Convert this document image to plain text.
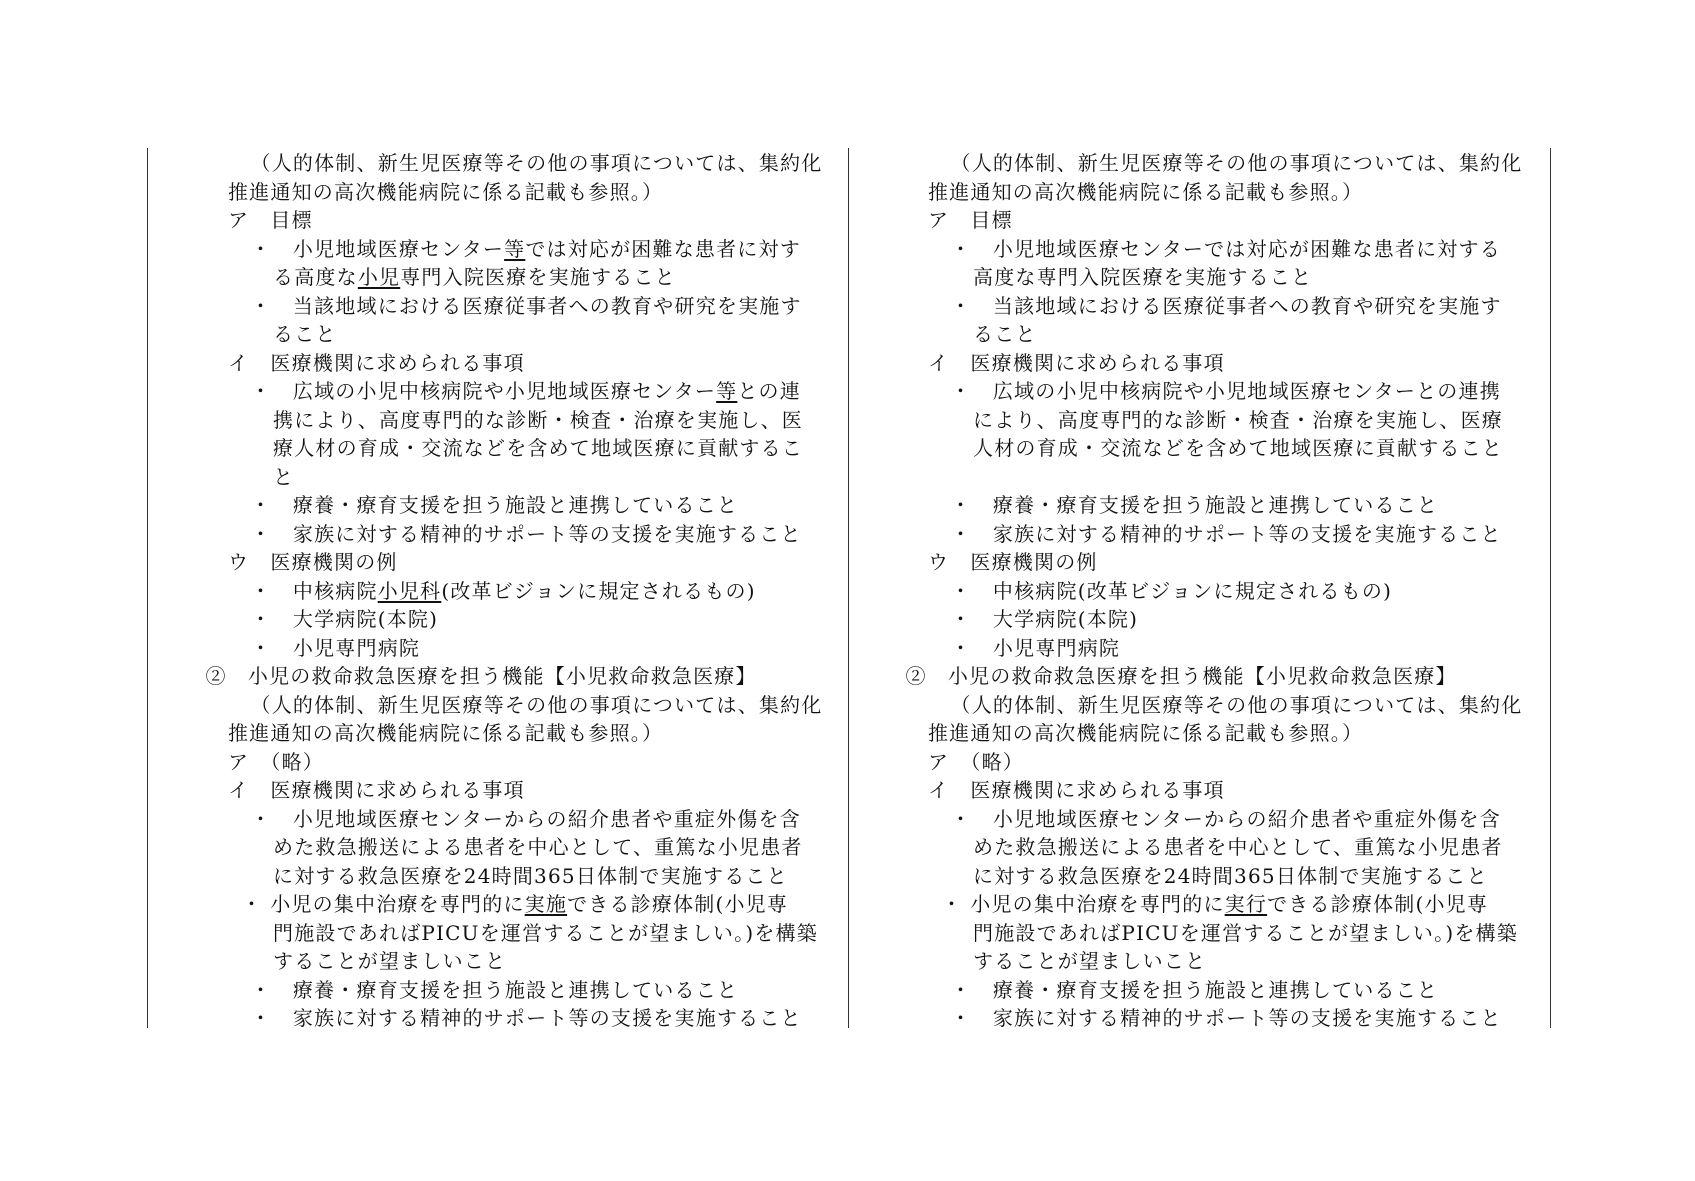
（人的体制、新生児医療等その他の事項については、集約化
推進通知の高次機能病院に係る記載も参照。）
ア　目標
・　小児地域医療センター等では対応が困難な患者に対す
る高度な小児専門入院医療を実施すること
・　当該地域における医療従事者への教育や研究を実施す
ること
イ　医療機関に求められる事項
・　広域の小児中核病院や小児地域医療センター等との連
携により、高度専門的な診断・検査・治療を実施し、医
療人材の育成・交流などを含めて地域医療に貢献するこ
と
・　療養・療育支援を担う施設と連携していること
・　家族に対する精神的サポート等の支援を実施すること
ウ　医療機関の例
・　中核病院小児科(改革ビジョンに規定されるもの)
・　大学病院(本院)
・　小児専門病院
②　小児の救命救急医療を担う機能【小児救命救急医療】
（人的体制、新生児医療等その他の事項については、集約化
推進通知の高次機能病院に係る記載も参照。）
ア　（略）
イ　医療機関に求められる事項
・　小児地域医療センターからの紹介患者や重症外傷を含
めた救急搬送による患者を中心として、重篤な小児患者
に対する救急医療を24時間365日体制で実施すること
・ 小児の集中治療を専門的に実施できる診療体制(小児専
門施設であればPICUを運営することが望ましい。)を構築
することが望ましいこと
・　療養・療育支援を担う施設と連携していること
・　家族に対する精神的サポート等の支援を実施すること
（人的体制、新生児医療等その他の事項については、集約化
推進通知の高次機能病院に係る記載も参照。）
ア　目標
・　小児地域医療センターでは対応が困難な患者に対する
高度な専門入院医療を実施すること
・　当該地域における医療従事者への教育や研究を実施す
ること
イ　医療機関に求められる事項
・　広域の小児中核病院や小児地域医療センターとの連携
により、高度専門的な診断・検査・治療を実施し、医療
人材の育成・交流などを含めて地域医療に貢献すること
・　療養・療育支援を担う施設と連携していること
・　家族に対する精神的サポート等の支援を実施すること
ウ　医療機関の例
・　中核病院(改革ビジョンに規定されるもの)
・　大学病院(本院)
・　小児専門病院
②　小児の救命救急医療を担う機能【小児救命救急医療】
（人的体制、新生児医療等その他の事項については、集約化
推進通知の高次機能病院に係る記載も参照。）
ア　（略）
イ　医療機関に求められる事項
・　小児地域医療センターからの紹介患者や重症外傷を含
めた救急搬送による患者を中心として、重篤な小児患者
に対する救急医療を24時間365日体制で実施すること
・ 小児の集中治療を専門的に実行できる診療体制(小児専
門施設であればPICUを運営することが望ましい。)を構築
することが望ましいこと
・　療養・療育支援を担う施設と連携していること
・　家族に対する精神的サポート等の支援を実施すること
